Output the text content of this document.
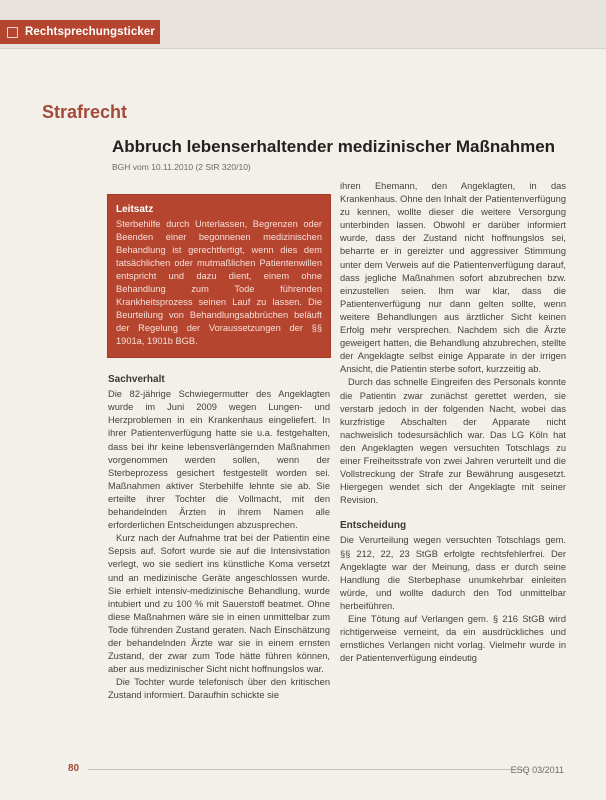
Rechtsprechungsticker
Strafrecht
Abbruch lebenserhaltender medizinischer Maßnahmen
BGH vom 10.11.2010 (2 StR 320/10)
Leitsatz
Sterbehilfe durch Unterlassen, Begrenzen oder Beenden einer begonnenen medizinischen Behandlung ist gerechtfertigt, wenn dies dem tatsächlichen oder mutmaßlichen Patientenwillen entspricht und dazu dient, einem ohne Behandlung zum Tode führenden Krankheitsprozess seinen Lauf zu lassen. Die Beurteilung von Behandlungsabbrüchen beläuft der Regelung der Voraussetzungen der §§ 1901a, 1901b BGB.
Sachverhalt

Die 82-jährige Schwiegermutter des Angeklagten wurde im Juni 2009 wegen Lungen- und Herzproblemen in ein Krankenhaus eingeliefert. In ihrer Patientenverfügung hatte sie u.a. festgehalten, dass bei ihr keine lebensverlängernden Maßnahmen vorgenommen werden sollen, wenn der Sterbeprozess gesichert festgestellt worden sei. Maßnahmen aktiver Sterbehilfe lehnte sie ab. Sie erteilte ihrer Tochter die Vollmacht, mit den behandelnden Ärzten in ihrem Namen alle erforderlichen Entscheidungen abzusprechen.

Kurz nach der Aufnahme trat bei der Patientin eine Sepsis auf. Sofort wurde sie auf die Intensivstation verlegt, wo sie sediert ins künstliche Koma versetzt und an medizinische Geräte angeschlossen wurde. Sie erhielt intensiv-medizinische Behandlung, wurde intubiert und zu 100 % mit Sauerstoff beatmet. Ohne diese Maßnahmen wäre sie in einen unmittelbar zum Tode führenden Zustand geraten. Nach Einschätzung der behandelnden Ärzte war sie in einem ernsten Zustand, der zwar zum Tode hätte führen können, aber aus medizinischer Sicht nicht hoffnungslos war.

Die Tochter wurde telefonisch über den kritischen Zustand informiert. Daraufhin schickte sie

ihren Ehemann, den Angeklagten, in das Krankenhaus. Ohne den Inhalt der Patientenverfügung zu kennen, wollte dieser die weitere Versorgung unterbinden lassen. Obwohl er darüber informiert wurde, dass der Zustand nicht hoffnungslos sei, beharrte er in gereizter und aggressiver Stimmung unter dem Verweis auf die Patientenverfügung darauf, dass jegliche Maßnahmen sofort abzubrechen bzw. einzustellen seien. Ihm war klar, dass die Patientenverfügung nur dann gelten sollte, wenn weitere Behandlungen aus ärztlicher Sicht keinen Erfolg mehr versprechen. Nachdem sich die Ärzte geweigert hatten, die Behandlung abzubrechen, stellte der Angeklagte selbst einige Apparate in der irrigen Ansicht, die Patientin sterbe sofort, kurzzeitig ab.

Durch das schnelle Eingreifen des Personals konnte die Patientin zwar zunächst gerettet werden, sie verstarb jedoch in der folgenden Nacht, wobei das kurzfristige Abschalten der Apparate nicht nachweislich todesursächlich war. Das LG Köln hat den Angeklagten wegen versuchten Totschlags zu einer Freiheitsstrafe von zwei Jahren verurteilt und die Vollstreckung der Strafe zur Bewährung ausgesetzt. Hiergegen wendet sich der Angeklagte mit seiner Revision.

Entscheidung

Die Verurteilung wegen versuchten Totschlags gem. §§ 212, 22, 23 StGB erfolgte rechtsfehlerfrei. Der Angeklagte war der Meinung, dass er durch seine Handlung die Sterbephase unumkehrbar einleiten würde, und wollte dadurch den Tod unmittelbar herbeiführen.

Eine Tötung auf Verlangen gem. § 216 StGB wird richtigerweise verneint, da ein ausdrückliches und ernstliches Verlangen nicht vorlag. Vielmehr wurde in der Patientenverfügung eindeutig

80	ESQ 03/2011
